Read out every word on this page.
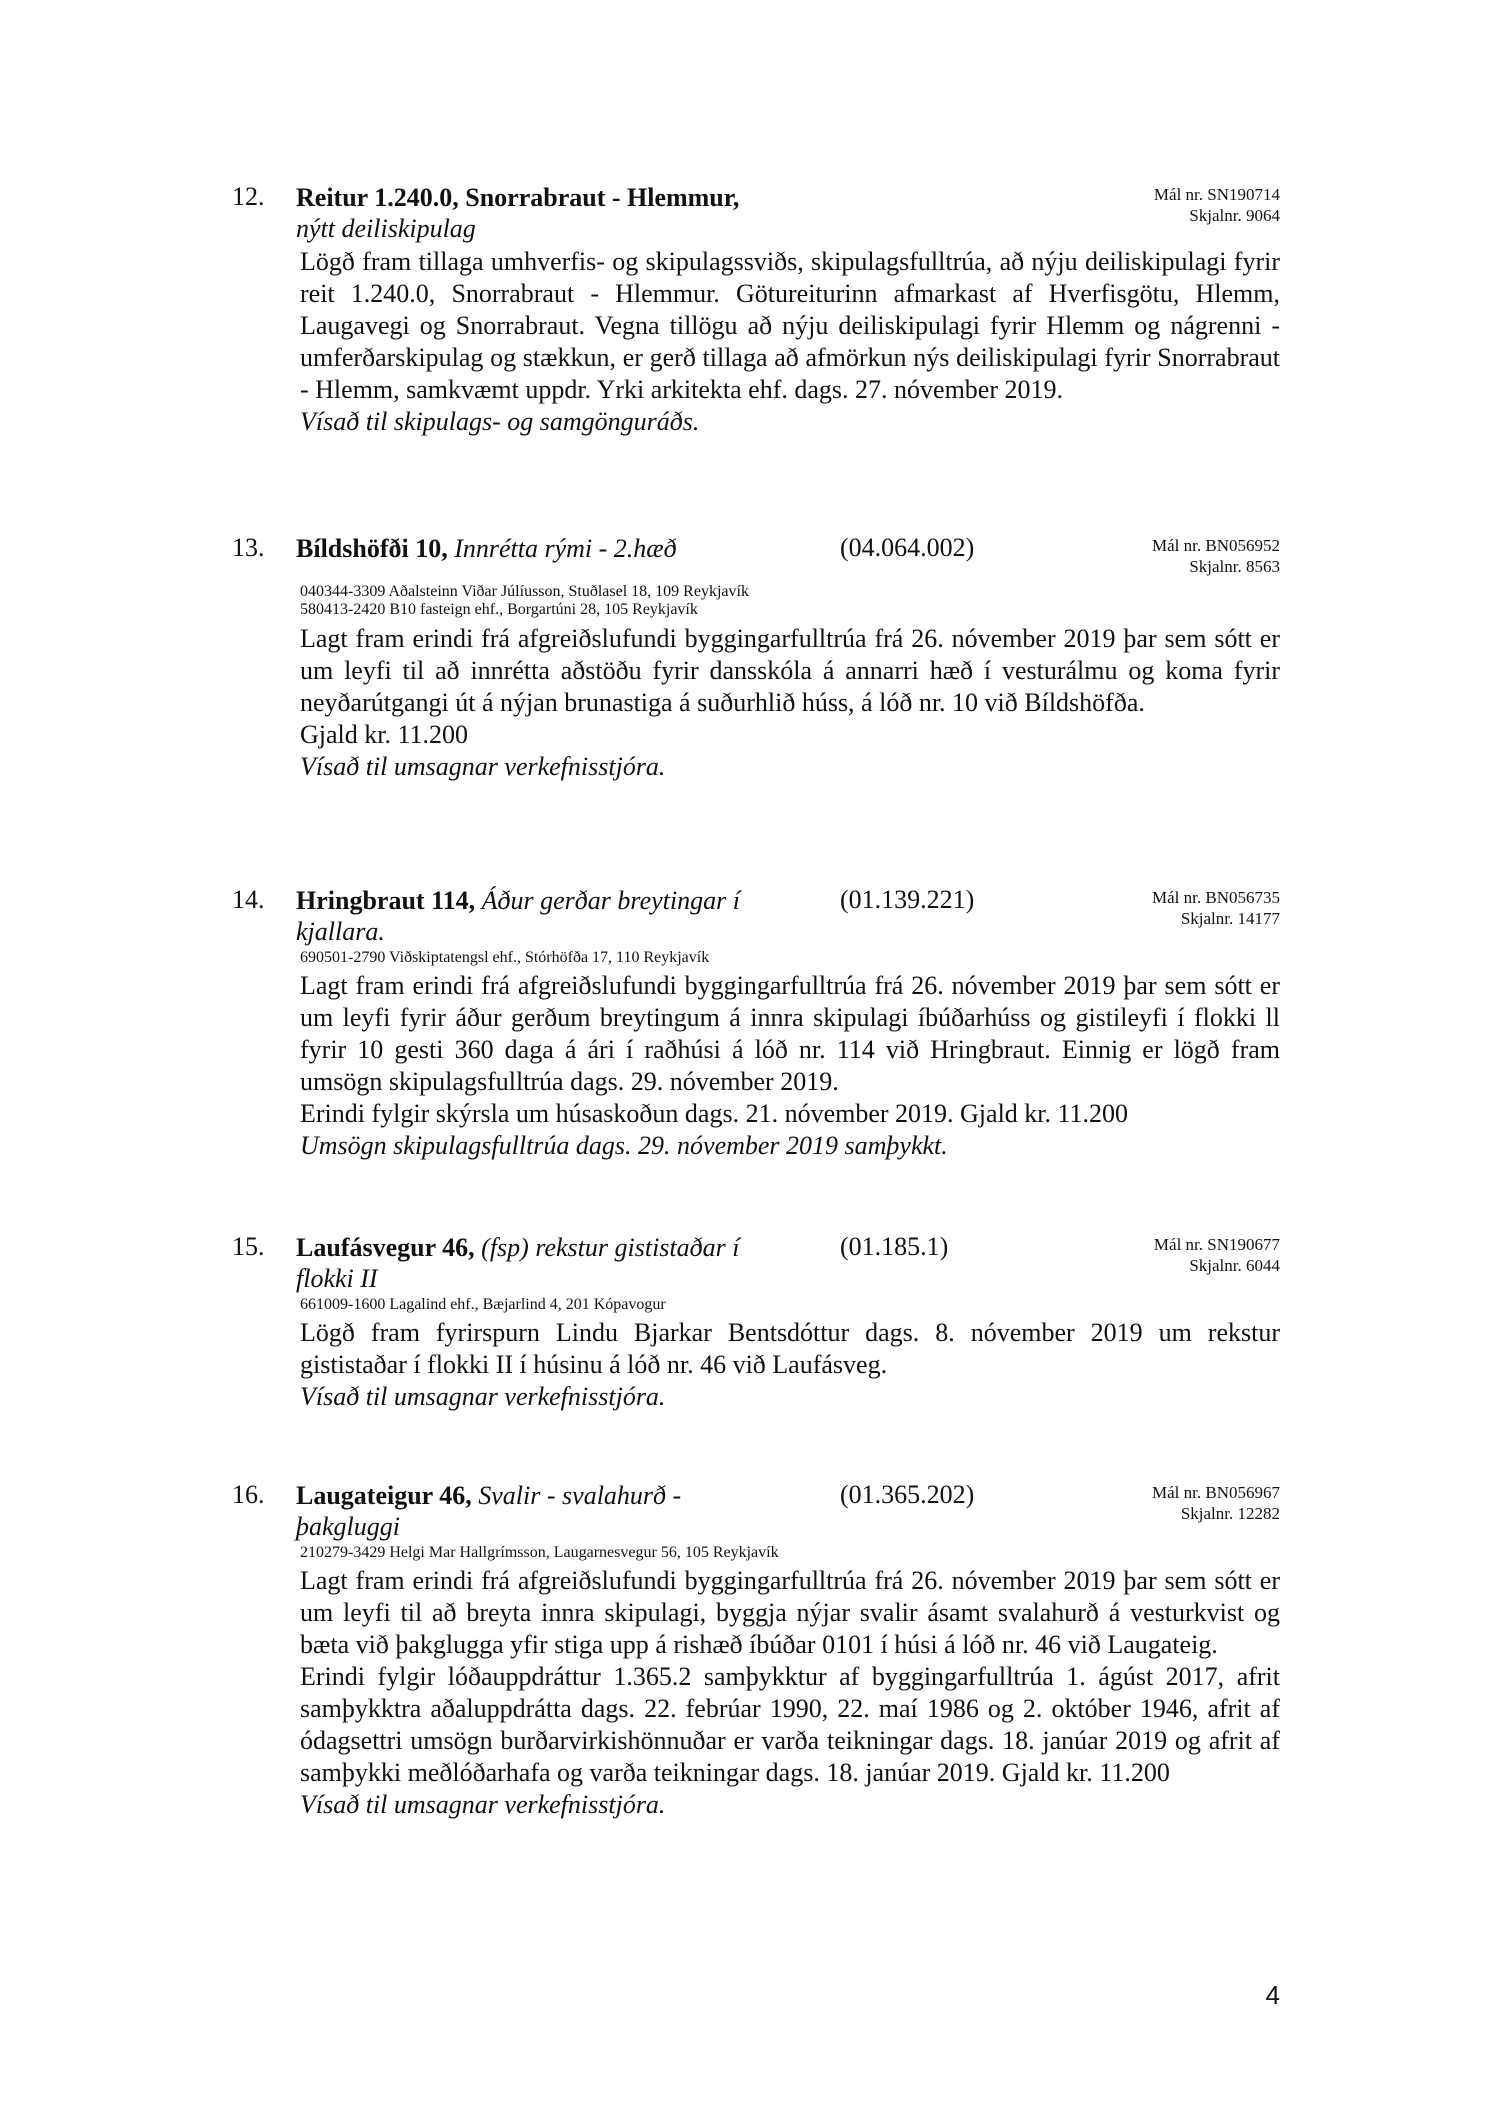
12. Reitur 1.240.0, Snorrabraut - Hlemmur,
nýtt deiliskipulag
Mál nr. SN190714
Skjalnr. 9064

Lögð fram tillaga umhverfis- og skipulagssviðs, skipulagsfulltrúa, að nýju deiliskipulagi fyrir reit 1.240.0, Snorrabraut - Hlemmur. Götureiturinn afmarkast af Hverfisgötu, Hlemm, Laugavegi og Snorrabraut. Vegna tillögu að nýju deiliskipulagi fyrir Hlemm og nágrenni - umferðarskipulag og stækkun, er gerð tillaga að afmörkun nýs deiliskipulagi fyrir Snorrabraut - Hlemm, samkvæmt uppdr. Yrki arkitekta ehf. dags. 27. nóvember 2019.

Vísað til skipulags- og samgönguráðs.

13. Bíldshöfði 10, Innrétta rými - 2.hæð	(04.064.002)	Mál nr. BN056952
Skjalnr. 8563
040344-3309 Aðalsteinn Viðar Júlíusson, Stuðlasel 18, 109 Reykjavík
580413-2420 B10 fasteign ehf., Borgartúni 28, 105 Reykjavík

Lagt fram erindi frá afgreiðslufundi byggingarfulltrúa frá 26. nóvember 2019 þar sem sótt er um leyfi til að innrétta aðstöðu fyrir dansskóla á annarri hæð í vesturálmu og koma fyrir neyðarútgangi út á nýjan brunastiga á suðurhlið húss, á lóð nr. 10 við Bíldshöfða.

Gjald kr. 11.200

Vísað til umsagnar verkefnisstjóra.

14. Hringbraut 114, Áður gerðar breytingar í
kjallara.
(01.139.221)	Mál nr. BN056735
Skjalnr. 14177
690501-2790 Viðskiptatengsl ehf., Stórhöfða 17, 110 Reykjavík

Lagt fram erindi frá afgreiðslufundi byggingarfulltrúa frá 26. nóvember 2019 þar sem sótt er um leyfi fyrir áður gerðum breytingum á innra skipulagi íbúðarhúss og gistileyfi í flokki ll fyrir 10 gesti 360 daga á ári í raðhúsi á lóð nr. 114 við Hringbraut. Einnig er lögð fram umsögn skipulagsfulltrúa dags. 29. nóvember 2019.

Erindi fylgir skýrsla um húsaskoðun dags. 21. nóvember 2019. Gjald kr. 11.200

Umsögn skipulagsfulltrúa dags. 29. nóvember 2019 samþykkt.

15. Laufásvegur 46, (fsp) rekstur gististaðar í
flokki II
(01.185.1)	Mál nr. SN190677
Skjalnr. 6044
661009-1600 Lagalind ehf., Bæjarlind 4, 201 Kópavogur

Lögð fram fyrirspurn Lindu Bjarkar Bentsdóttur dags. 8. nóvember 2019 um rekstur gististaðar í flokki II í húsinu á lóð nr. 46 við Laufásveg.

Vísað til umsagnar verkefnisstjóra.

16. Laugateigur 46, Svalir - svalahurð -
þakgluggi
(01.365.202)	Mál nr. BN056967
Skjalnr. 12282
210279-3429 Helgi Mar Hallgrímsson, Laugarnesvegur 56, 105 Reykjavík

Lagt fram erindi frá afgreiðslufundi byggingarfulltrúa frá 26. nóvember 2019 þar sem sótt er um leyfi til að breyta innra skipulagi, byggja nýjar svalir ásamt svalahurð á vesturkvist og bæta við þakglugga yfir stiga upp á rishæð íbúðar 0101 í húsi á lóð nr. 46 við Laugateig.

Erindi fylgir lóðauppdráttur 1.365.2 samþykktur af byggingarfulltrúa 1. ágúst 2017, afrit samþykktra aðaluppdrátta dags. 22. febrúar 1990, 22. maí 1986 og 2. október 1946, afrit af ódagsettri umsögn burðarvirkishönnuðar er varða teikningar dags. 18. janúar 2019 og afrit af samþykki meðlóðarhafa og varða teikningar dags. 18. janúar 2019. Gjald kr. 11.200

Vísað til umsagnar verkefnisstjóra.

4
